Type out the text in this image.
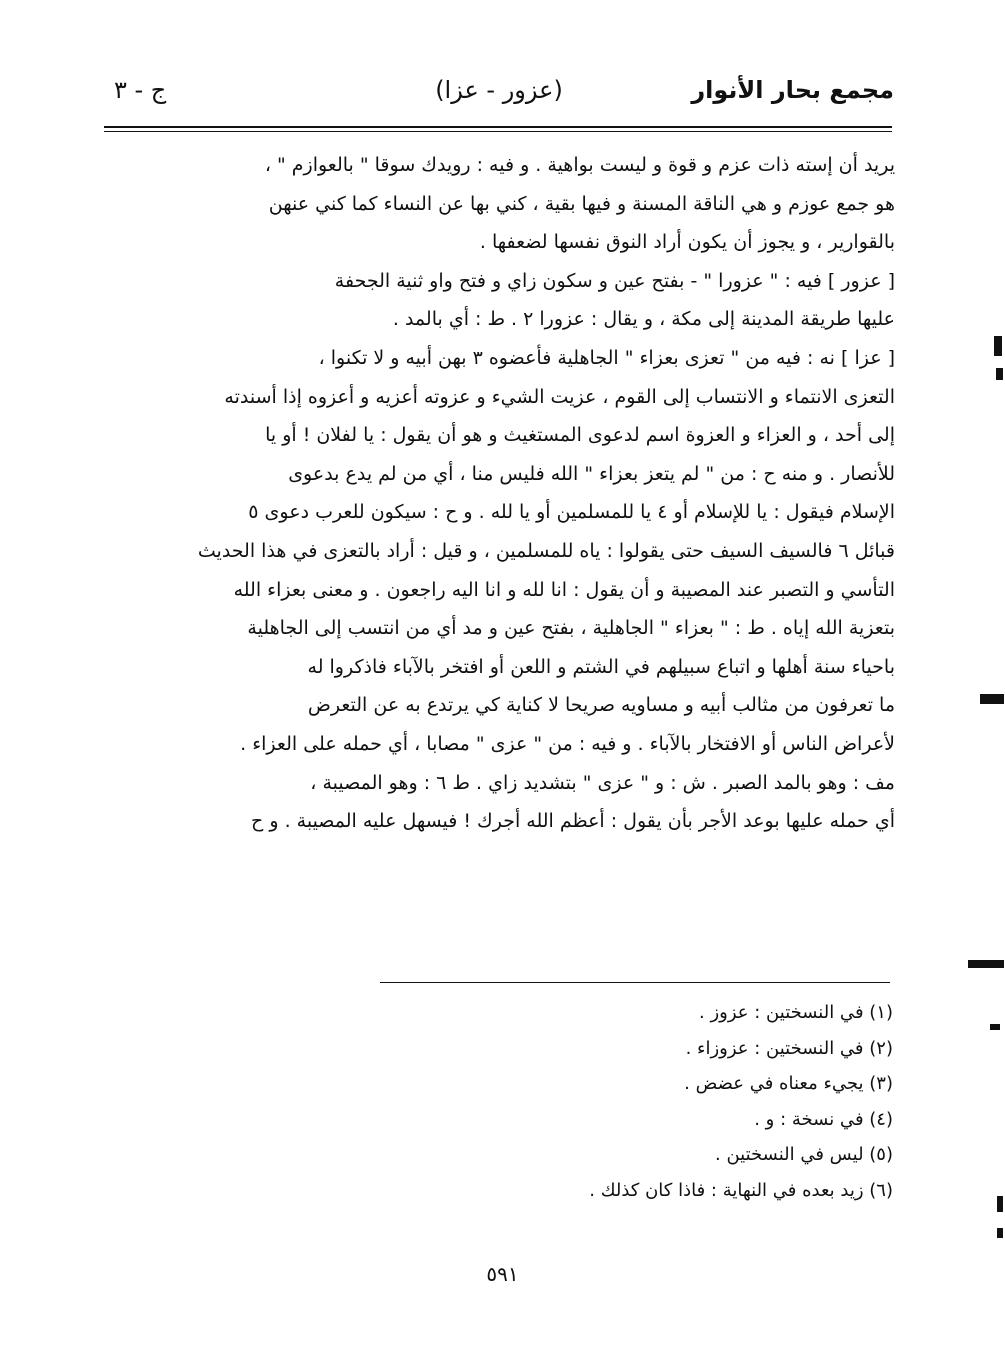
مجمع بحار الأنوار
(عزور - عزا)
ج - ٣
يريد أن إسته ذات عزم و قوة و ليست بواهية . و فيه : رويدك سوقا " بالعوازم " ،
هو جمع عوزم و هي الناقة المسنة و فيها بقية ، كني بها عن النساء كما كني عنهن
بالقوارير ، و يجوز أن يكون أراد النوق نفسها لضعفها .
[ عزور ] فيه : " عزورا " - بفتح عين و سكون زاي و فتح واو ثنية الجحفة
عليها طريقة المدينة إلى مكة ، و يقال : عزورا ٢ . ط : أي بالمد .
[ عزا ] نه : فيه من " تعزى بعزاء " الجاهلية فأعضوه ٣ بهن أبيه و لا تكنوا ،
التعزى الانتماء و الانتساب إلى القوم ، عزيت الشيء و عزوته أعزيه و أعزوه إذا أسندته
إلى أحد ، و العزاء و العزوة اسم لدعوى المستغيث و هو أن يقول : يا لفلان ! أو يا
للأنصار . و منه ح : من " لم يتعز بعزاء " الله فليس منا ، أي من لم يدع بدعوى
الإسلام فيقول : يا للإسلام أو ٤ يا للمسلمين أو يا لله . و ح : سيكون للعرب دعوى ٥
قبائل ٦ فالسيف السيف حتى يقولوا : ياه للمسلمين ، و قيل : أراد بالتعزى في هذا الحديث
التأسي و التصبر عند المصيبة و أن يقول : انا لله و انا اليه راجعون . و معنى بعزاء الله
بتعزية الله إياه . ط : " بعزاء " الجاهلية ، بفتح عين و مد أي من انتسب إلى الجاهلية
باحياء سنة أهلها و اتباع سبيلهم في الشتم و اللعن أو افتخر بالآباء فاذكروا له
ما تعرفون من مثالب أبيه و مساويه صريحا لا كناية كي يرتدع به عن التعرض
لأعراض الناس أو الافتخار بالآباء . و فيه : من " عزى " مصابا ، أي حمله على العزاء .
مف : وهو بالمد الصبر . ش : و " عزى " بتشديد زاي . ط ٦ : وهو المصيبة ،
أي حمله عليها بوعد الأجر بأن يقول : أعظم الله أجرك ! فيسهل عليه المصيبة . و ح
(١) في النسختين : عزوز .
(٢) في النسختين : عزوزاء .
(٣) يجيء معناه في عضض .
(٤) في نسخة : و .
(٥) ليس في النسختين .
(٦) زيد بعده في النهاية : فاذا كان كذلك .
٥٩١
